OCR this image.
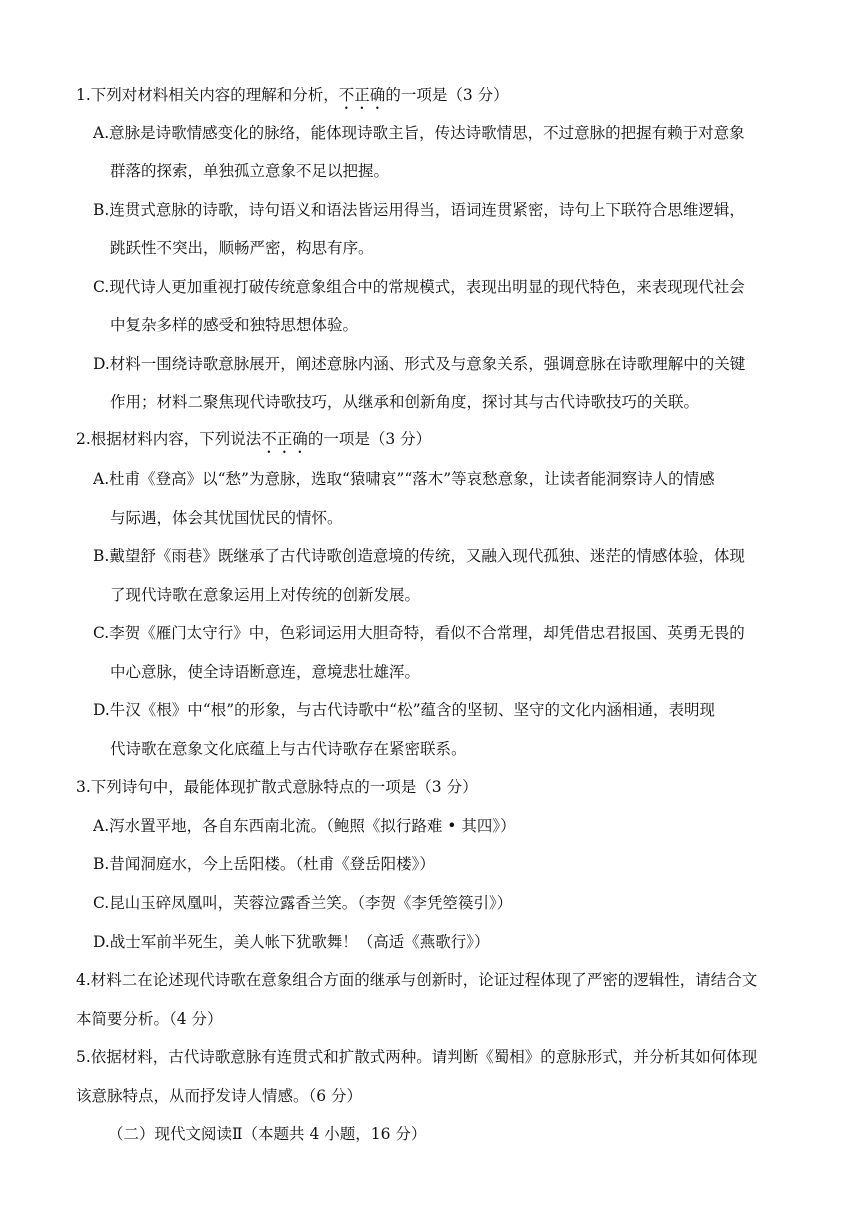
1.下列对材料相关内容的理解和分析，不正确的一项是（3 分）
A.意脉是诗歌情感变化的脉络，能体现诗歌主旨，传达诗歌情思，不过意脉的把握有赖于对意象
群落的探索，单独孤立意象不足以把握。
B.连贯式意脉的诗歌，诗句语义和语法皆运用得当，语词连贯紧密，诗句上下联符合思维逻辑，
跳跃性不突出，顺畅严密，构思有序。
C.现代诗人更加重视打破传统意象组合中的常规模式，表现出明显的现代特色，来表现现代社会
中复杂多样的感受和独特思想体验。
D.材料一围绕诗歌意脉展开，阐述意脉内涵、形式及与意象关系，强调意脉在诗歌理解中的关键
作用；材料二聚焦现代诗歌技巧，从继承和创新角度，探讨其与古代诗歌技巧的关联。
2.根据材料内容，下列说法不正确的一项是（3 分）
A.杜甫《登高》以“愁”为意脉，选取“猿啸哀”“落木”等哀愁意象，让读者能洞察诗人的情感
与际遇，体会其忧国忧民的情怀。
B.戴望舒《雨巷》既继承了古代诗歌创造意境的传统，又融入现代孤独、迷茫的情感体验，体现
了现代诗歌在意象运用上对传统的创新发展。
C.李贺《雁门太守行》中，色彩词运用大胆奇特，看似不合常理，却凭借忠君报国、英勇无畏的
中心意脉，使全诗语断意连，意境悲壮雄浑。
D.牛汉《根》中“根”的形象，与古代诗歌中“松”蕴含的坚韧、坚守的文化内涵相通，表明现
代诗歌在意象文化底蕴上与古代诗歌存在紧密联系。
3.下列诗句中，最能体现扩散式意脉特点的一项是（3 分）
A.泻水置平地，各自东西南北流。（鲍照《拟行路难 • 其四》）
B.昔闻洞庭水，今上岳阳楼。（杜甫《登岳阳楼》）
C.昆山玉碎凤凰叫，芙蓉泣露香兰笑。（李贺《李凭箜篌引》）
D.战士军前半死生，美人帐下犹歌舞！（高适《燕歌行》）
4.材料二在论述现代诗歌在意象组合方面的继承与创新时，论证过程体现了严密的逻辑性，请结合文
本简要分析。（4 分）
5.依据材料，古代诗歌意脉有连贯式和扩散式两种。请判断《蜀相》的意脉形式，并分析其如何体现
该意脉特点，从而抒发诗人情感。（6 分）
（二）现代文阅读Ⅱ（本题共 4 小题，16 分）
